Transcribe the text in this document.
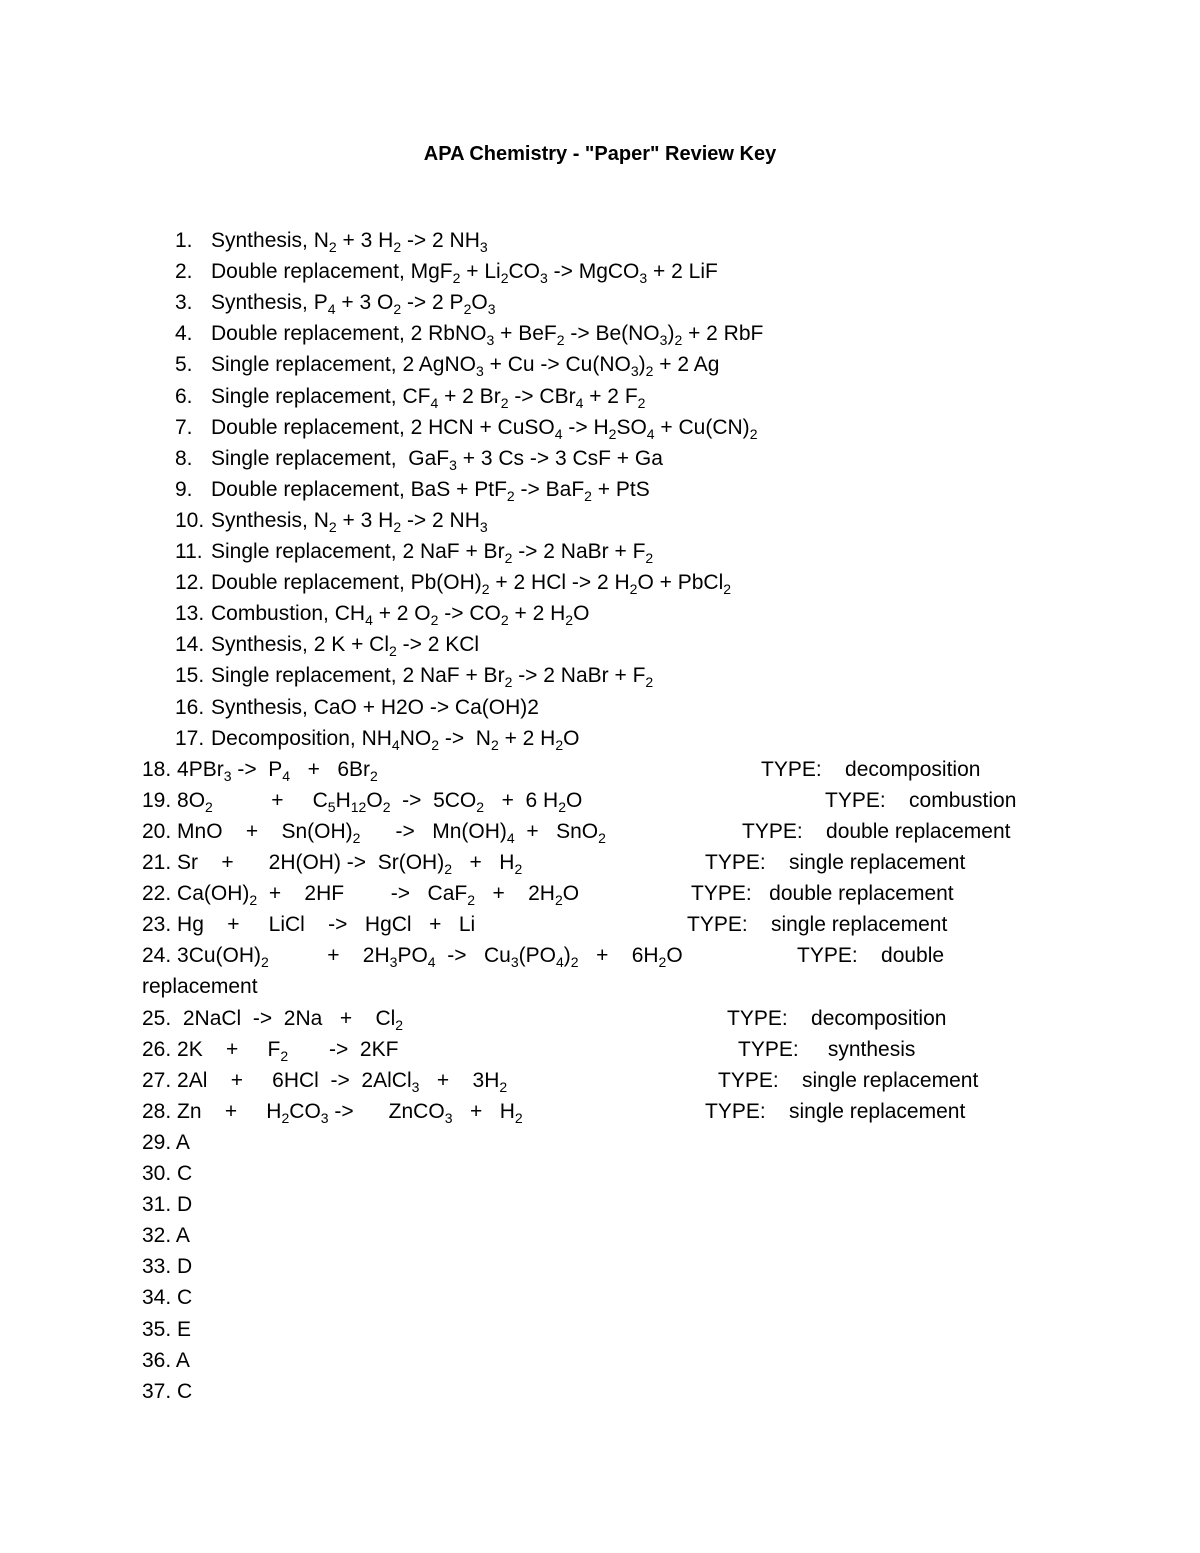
APA Chemistry - "Paper" Review Key
1. Synthesis, $N_2 + 3$ $H_2 -> 2$ $NH_3$
2. Double replacement, $MgF_2 + Li_2CO_3$ -> MgCO$_3$ + 2 LiF
3. Synthesis, $P_4 + 3$ $O_2 -> 2$ $P_2O_3$
4. Double replacement, 2 RbNO$_3$ + $BeF_2 -> Be(NO_3)_2 + 2$ RbF
5. Single replacement, 2 AgNO$_3$ + $Cu -> Cu(NO_3)_2 + 2$ Ag
6. Single replacement, $CF_4 + 2$ $Br_2 -> CBr_4 + 2$ $F_2$
7. Double replacement, 2 HCN + CuSO$_4$ -> $H_2SO_4 + Cu(CN)_2$
8. Single replacement,  GaF$_3$ + 3 Cs -> 3 CsF + Ga
9. Double replacement, BaS + PtF$_2$ -> BaF$_2$ + PtS
10. Synthesis, $N_2 + 3$ $H_2 -> 2$ $NH_3$
11. Single replacement, 2 NaF + $Br_2 -> 2$ NaBr + $F_2$
12. Double replacement, $Pb(OH)_2 + 2$ HCl -> 2 $H_2O$ + PbCl$_2$
13. Combustion, $CH_4 + 2$ $O_2 -> CO_2 + 2$ $H_2O$
14. Synthesis, 2 $K + Cl_2 -> 2$ KCl
15. Single replacement, 2 NaF + $Br_2 -> 2$ NaBr + $F_2$
16. Synthesis, CaO + H2O -> Ca(OH)2
17. Decomposition, $NH_4NO_2 -> N_2 + 2$ $H_2O$
18. $4PBr_3 -> P_4 + 6Br_2$	TYPE:    decomposition
19. $8O_2$          +     $C_5H_{12}O_2 -> 5CO_2 + 6$ $H_2O$	TYPE:    combustion
20. MnO    +    $Sn(OH)_2$      ->   $Mn(OH)_4 + SnO_2$	TYPE:    double replacement
21. Sr    +      $2H(OH) -> Sr(OH)_2 + H_2$	TYPE:    single replacement
22. $Ca(OH)_2$  +    2HF        ->   CaF$_2$   +    $2H_2O$	TYPE:   double replacement
23. Hg    +     LiCl    ->   HgCl   +   Li	TYPE:    single replacement
24. $3Cu(OH)_2$          +    $2H_3PO_4 -> Cu_3(PO_4)_2$   +    $6H_2O$	TYPE:    double
replacement
25.  2NaCl  ->  2Na   +    $Cl_2$	TYPE:    decomposition
26. 2K    +     $F_2$       ->  2KF	TYPE:     synthesis
27. 2Al    +     6HCl  ->  2AlCl$_3$   +    $3H_2$	TYPE:    single replacement
28. Zn    +     $H_2CO_3$ ->      ZnCO$_3$   +   $H_2$	TYPE:    single replacement
29. A
30. C
31. D
32. A
33. D
34. C
35. E
36. A
37. C
